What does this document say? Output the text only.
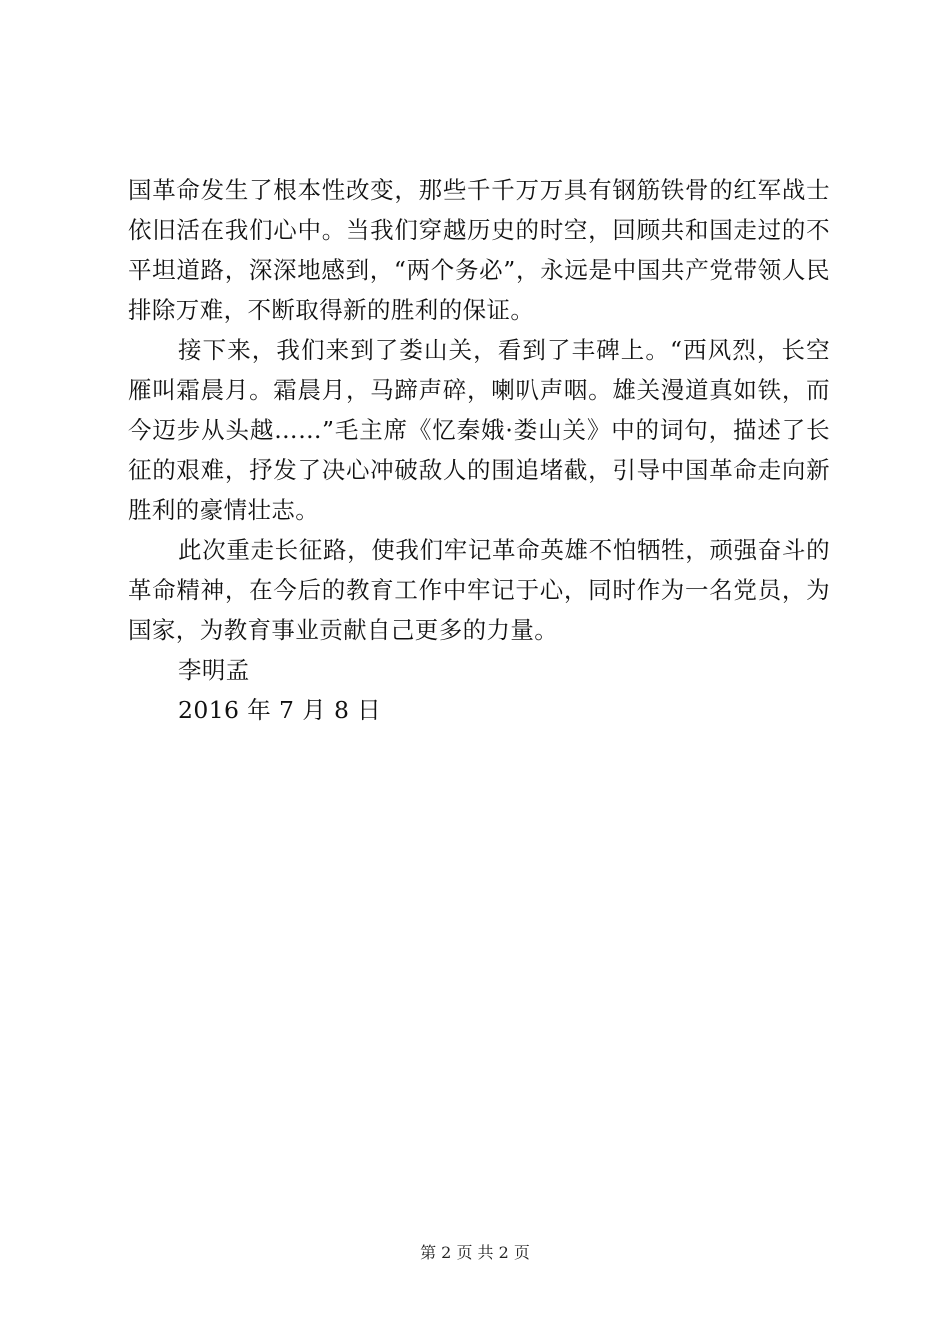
国革命发生了根本性改变，那些千千万万具有钢筋铁骨的红军战士依旧活在我们心中。当我们穿越历史的时空，回顾共和国走过的不平坦道路，深深地感到，“两个务必”，永远是中国共产党带领人民排除万难，不断取得新的胜利的保证。

接下来，我们来到了娄山关，看到了丰碑上。“西风烈，长空雁叫霜晨月。霜晨月，马蹄声碎，喇叭声咽。雄关漫道真如铁，而今迈步从头越……”毛主席《忆秦娥·娄山关》中的词句，描述了长征的艰难，抒发了决心冲破敌人的围追堵截，引导中国革命走向新胜利的豪情壮志。

此次重走长征路，使我们牢记革命英雄不怕牺牲，顽强奋斗的革命精神，在今后的教育工作中牢记于心，同时作为一名党员，为国家，为教育事业贡献自己更多的力量。

李明孟

2016 年 7 月 8 日

第 2 页 共 2 页
